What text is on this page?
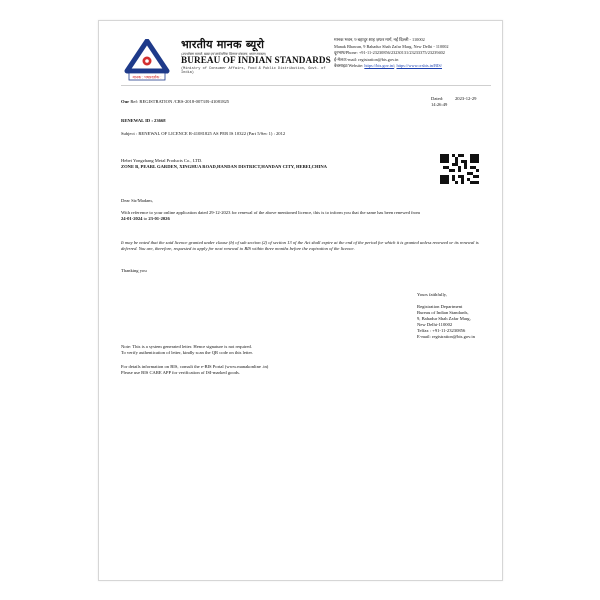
मानक : पथप्रदर्शक :
भारतीय मानक ब्यूरो
(उपभोक्ता मामले, खाद्य एवं सार्वजनिक वितरण मंत्रालय, भारत सरकार)
BUREAU OF INDIAN STANDARDS
(Ministry of Consumer Affairs, Food & Public Distribution, Govt. of India)
मानक भवन, 9 बहादुर शाह ज़फर मार्ग, नई दिल्ली - 110002
Manak Bhawan, 9 Bahadur Shah Zafar Marg, New Delhi - 110002
दूरभाष/Phone: +91-11-23230856/23230131/23233375/23239402
ई-मेल/E-mail: registration@bis.gov.in
वेबसाइट/Website: https://bis.gov.in/; https://www.crsbis.in/BIS/
Our Ref: REGISTRATION /CRS-2018-0073/R-41081825
Dated:	2023-12-29
14:26:49
RENEWAL ID : 23668
Subject : RENEWAL OF LICENCE R-41081825 AS PER IS 10322 (Part 5/Sec 1) : 2012
Hebei Yongzhang Metal Products Co., LTD.
ZONE B, PEARL GARDEN, XINGHUA ROAD,HANDAN DISTRICT,HANDAN CITY, HEBEI,CHINA
Dear Sir/Madam,
With reference to your online application dated 29-12-2023 for renewal of the above mentioned licence, this is to inform you that the same has been renewed from
24-01-2024 to 23-01-2026
It may be noted that the said licence granted under clause (b) of sub section (2) of section 13 of the Act shall expire at the end of the period for which it is granted unless renewed or its renewal is deferred. You are, therefore, requested to apply for next renewal to BIS within three months before the expiration of the licence.
Thanking you
Yours faithfully,
Registration Department
Bureau of Indian Standards,
9, Bahadur Shah Zafar Marg,
New Delhi-110002
Telfax : +91-11-23230856
E-mail: registration@bis.gov.in
Note: This is a system generated letter. Hence signature is not required.
To verify authentication of letter, kindly scan the QR code on this letter.
For details information on BIS, consult the e-BIS Portal (www.manakonline .in)
Please use BIS CARE APP for verification of ISI-marked goods.
